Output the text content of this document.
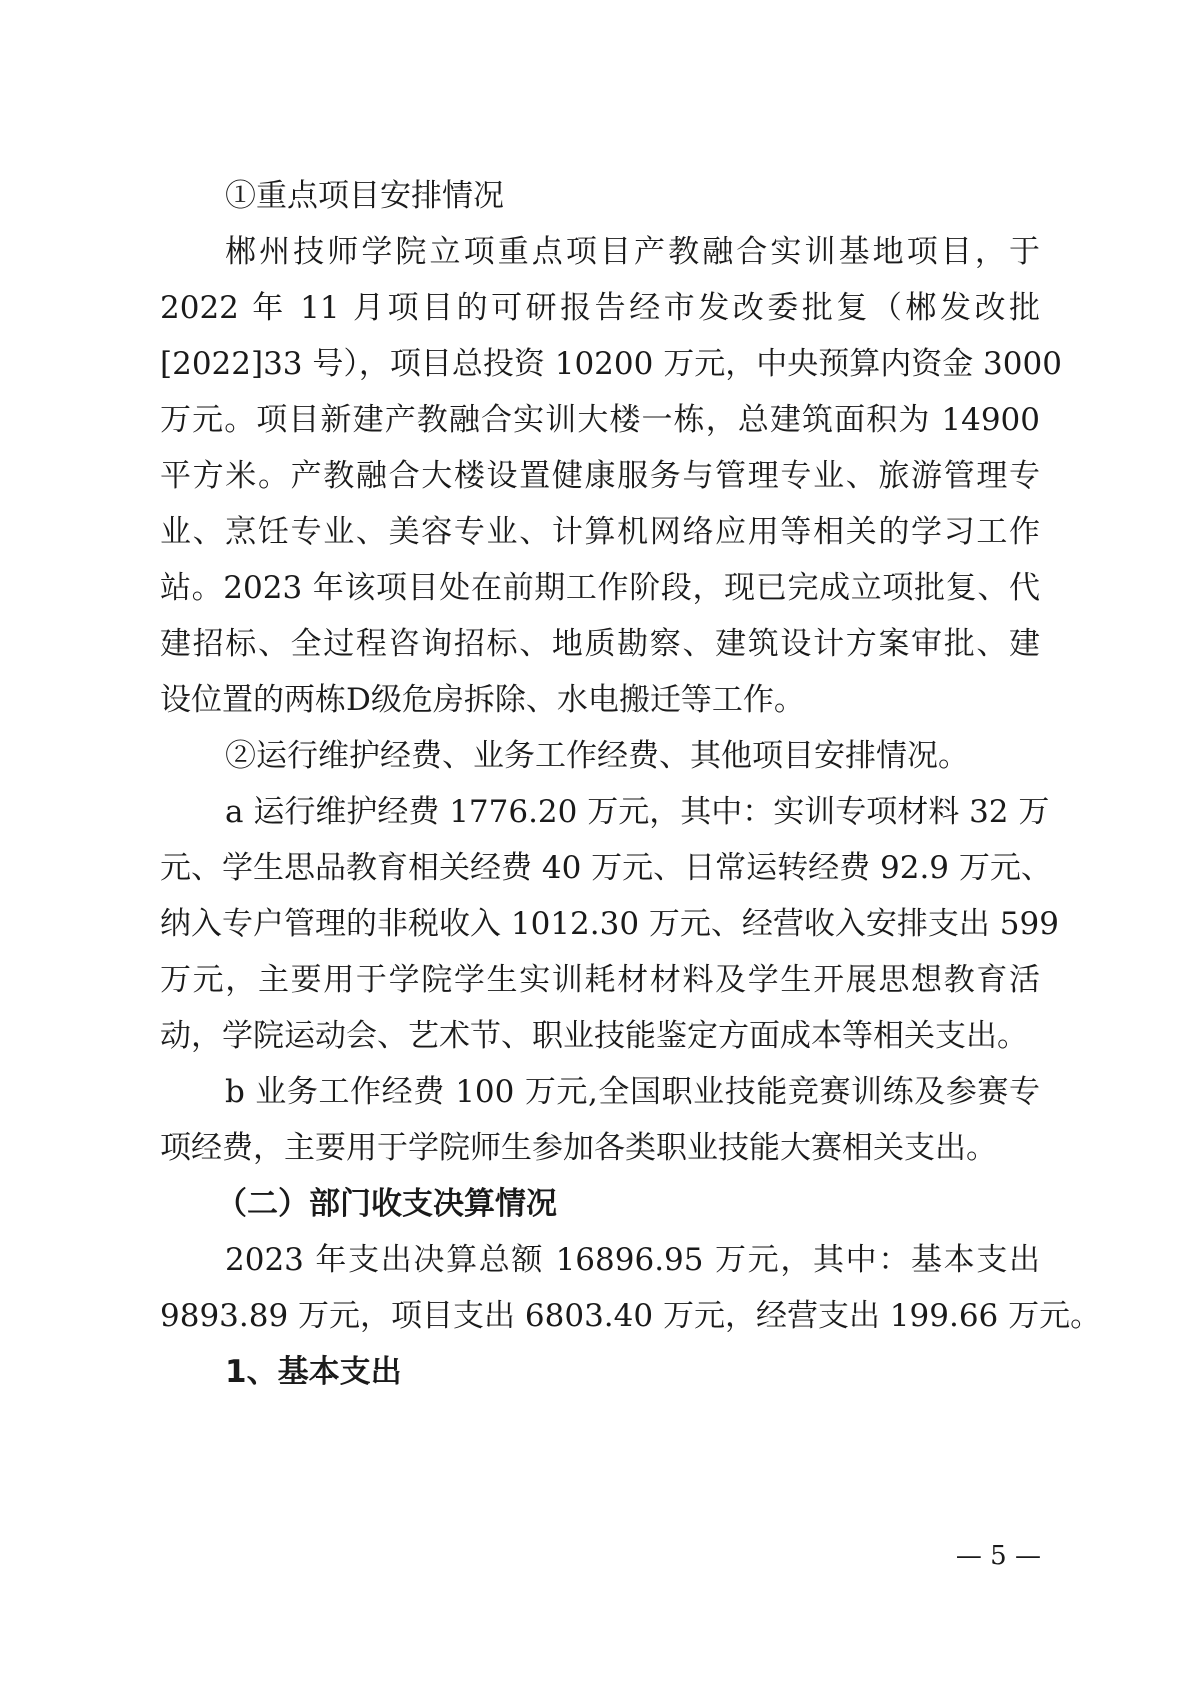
①重点项目安排情况

郴州技师学院立项重点项目产教融合实训基地项目，于

2022 年 11 月项目的可研报告经市发改委批复（郴发改批

[2022]33 号），项目总投资 10200 万元，中央预算内资金 3000

万元。项目新建产教融合实训大楼一栋，总建筑面积为 14900

平方米。产教融合大楼设置健康服务与管理专业、旅游管理专

业、烹饪专业、美容专业、计算机网络应用等相关的学习工作

站。2023 年该项目处在前期工作阶段，现已完成立项批复、代

建招标、全过程咨询招标、地质勘察、建筑设计方案审批、建

设位置的两栋D级危房拆除、水电搬迁等工作。

②运行维护经费、业务工作经费、其他项目安排情况。

a 运行维护经费 1776.20 万元，其中：实训专项材料 32 万

元、学生思品教育相关经费 40 万元、日常运转经费 92.9 万元、

纳入专户管理的非税收入 1012.30 万元、经营收入安排支出 599

万元，主要用于学院学生实训耗材材料及学生开展思想教育活

动，学院运动会、艺术节、职业技能鉴定方面成本等相关支出。

b 业务工作经费 100 万元,全国职业技能竞赛训练及参赛专

项经费，主要用于学院师生参加各类职业技能大赛相关支出。

（二）部门收支决算情况

2023 年支出决算总额 16896.95 万元，其中：基本支出

9893.89 万元，项目支出 6803.40 万元，经营支出 199.66 万元。

1、基本支出

— 5 —
